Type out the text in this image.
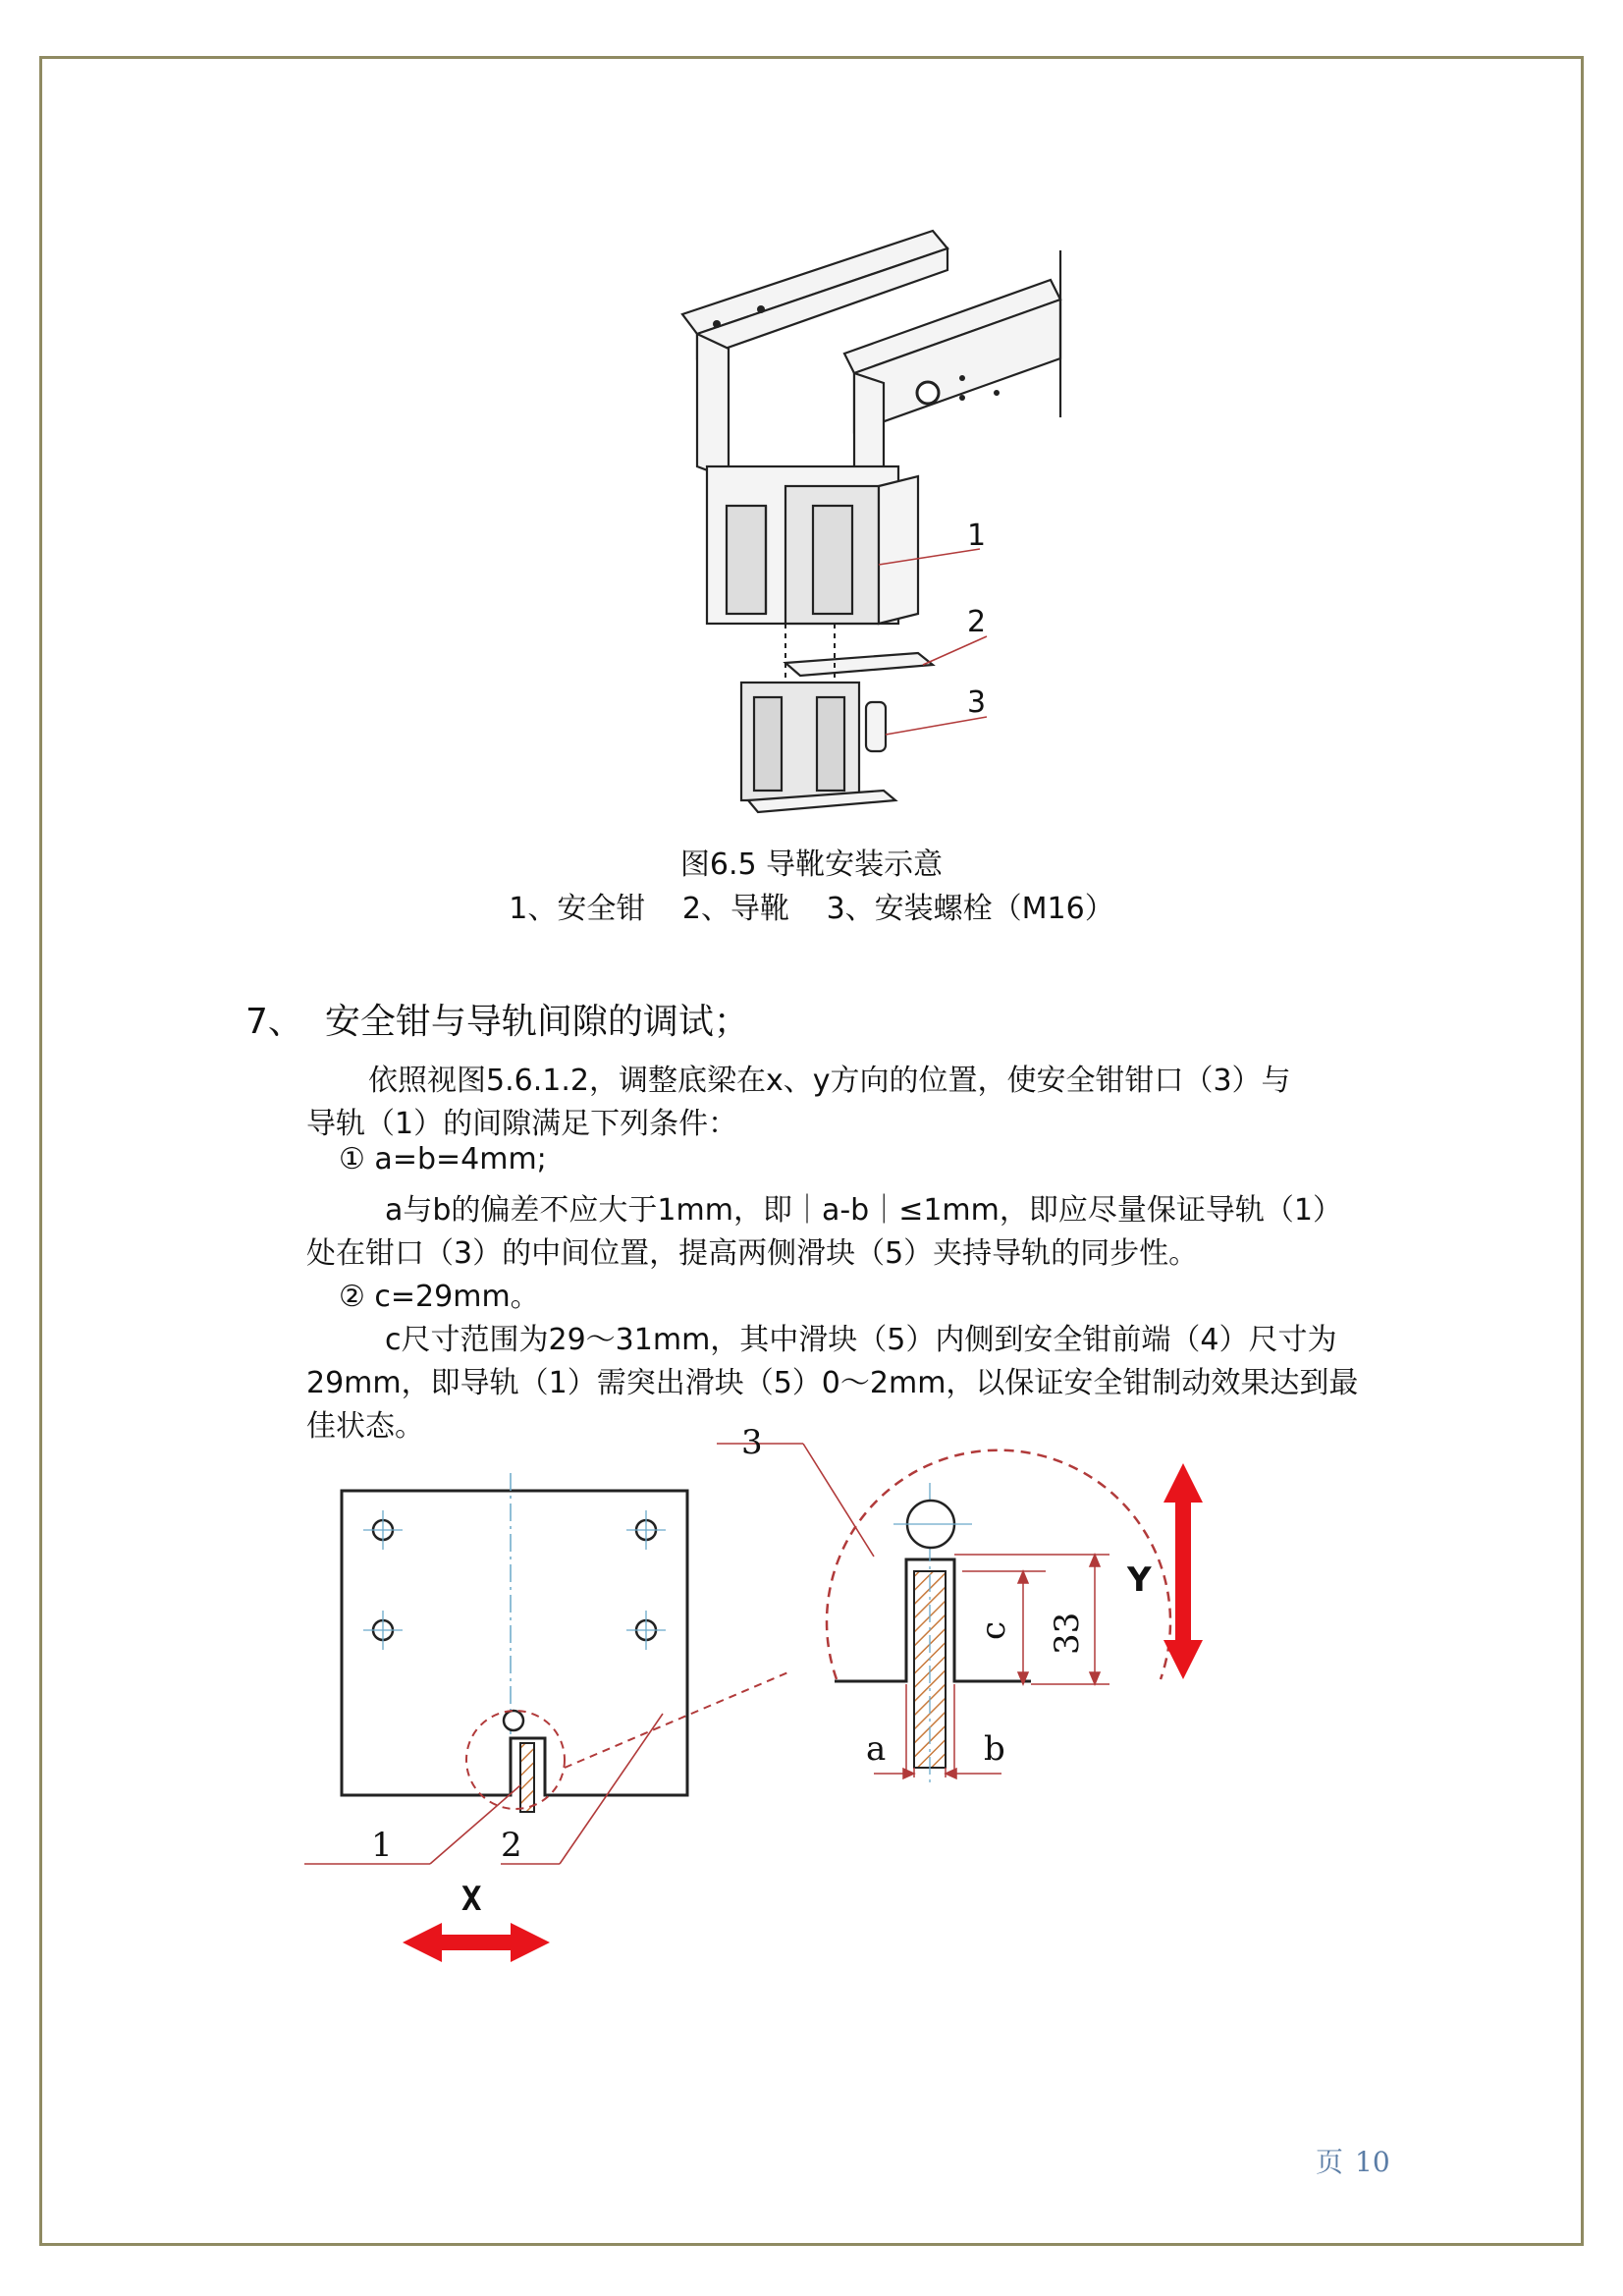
1
2
3
图6.5 导靴安装示意
1、安全钳 2、导靴 3、安装螺栓（M16）
7、 安全钳与导轨间隙的调试；
依照视图5.6.1.2，调整底梁在x、y方向的位置，使安全钳钳口（3）与
导轨（1）的间隙满足下列条件：
① a=b=4mm;
a与b的偏差不应大于1mm，即｜a-b｜≤1mm，即应尽量保证导轨（1）
处在钳口（3）的中间位置，提高两侧滑块（5）夹持导轨的同步性。
② c=29mm。
c尺寸范围为29～31mm，其中滑块（5）内侧到安全钳前端（4）尺寸为
29mm，即导轨（1）需突出滑块（5）0～2mm，以保证安全钳制动效果达到最
佳状态。
1	2
3
c 33
a	b
X
Y
页 10
